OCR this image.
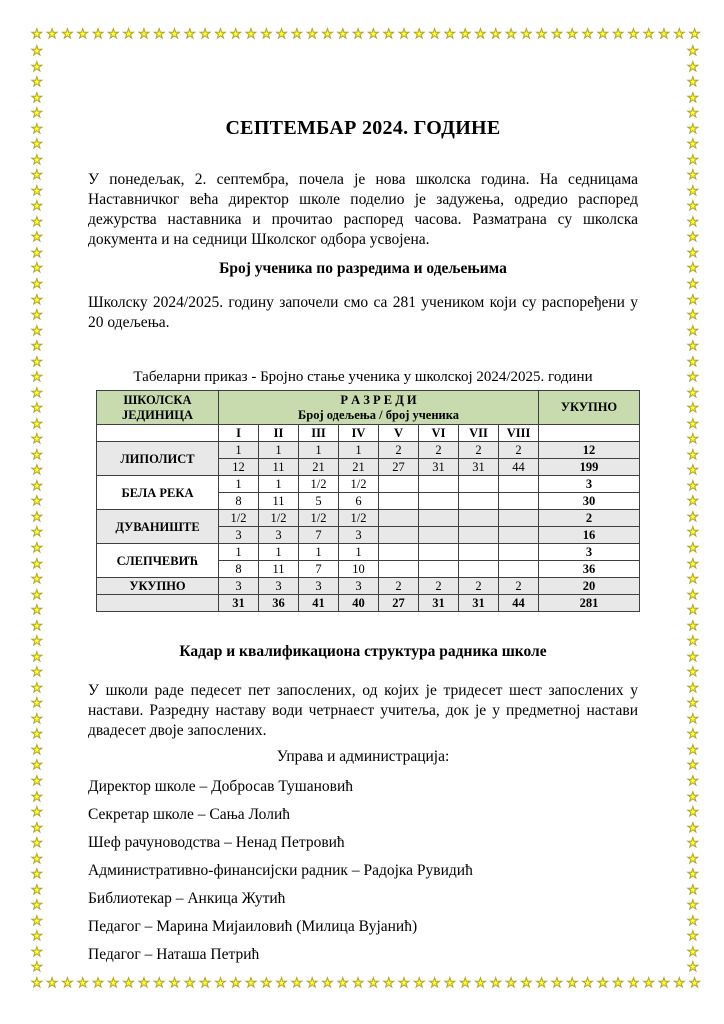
★ ★ ★ ★ ★ ★ ★ ★ ★ ★ ★ ★ ★ ★ ★ ★ ★ ★ ★ ★ ★ ★ ★ ★ ★ ★ ★ ★ ★ ★ ★ ★ ★ ★ ★ ★ ★ ★ ★ ★ ★ ★ ★ ★
★ ★ ★ ★ ★ ★ ★ ★ ★ ★ ★ ★ ★ ★ ★ ★ ★ ★ ★ ★ ★ ★ ★ ★ ★ ★ ★ ★ ★ ★ ★ ★ ★ ★ ★ ★ ★ ★ ★ ★ ★ ★ ★ ★
★
★
★
★
★
★
★
★
★
★
★
★
★
★
★
★
★
★
★
★
★
★
★
★
★
★
★
★
★
★
★
★
★
★
★
★
★
★
★
★
★
★
★
★
★
★
★
★
★
★
★
★
★
★
★
★
★
★
★
★
★
★
★
★
★
★
★
★
★
★
★
★
★
★
★
★
★
★
★
★
★
★
★
★
★
★
★
★
★
★
★
★
★
★
★
★
★
★
★
★
★
★
★
★
★
★
★
★
★
★
★
★
★
★
★
★
★
★
★
★
СЕПТЕМБАР 2024. ГОДИНЕ

У понедељак, 2. септембра, почела је нова школска година. На седницама Наставничког већа директор школе поделио је задужења, одредио распоред дежурства наставника и прочитао распоред часова. Разматрана су школска документа и на седници Школског одбора усвојена.

Број ученика по разредима и одељењима

Школску 2024/2025. годину започели смо са 281 учеником који су распоређени у 20 одељења.

Табеларни приказ - Бројно стање ученика у школској 2024/2025. години
ШКОЛСКА ЈЕДИНИЦА	Р А З Р Е Д И
Број одељења / број ученика								УКУПНО
	I	II	III	IV	V	VI	VII	VIII	
ЛИПОЛИСТ	1	1	1	1	2	2	2	2	12
	12	11	21	21	27	31	31	44	199
БЕЛА РЕКА	1	1	1/2	1/2					3
	8	11	5	6					30
ДУВАНИШТЕ	1/2	1/2	1/2	1/2					2
	3	3	7	3					16
СЛЕПЧЕВИЋ	1	1	1	1					3
	8	11	7	10					36
УКУПНО	3	3	3	3	2	2	2	2	20
	31	36	41	40	27	31	31	44	281
Кадар и квалификациона структура радника школе

У школи раде педесет пет запослених, од којих је тридесет шест запослених у настави. Разредну наставу води четрнаест учитеља, док је у предметној настави двадесет двоје запослених.

Управа и администрација:

Директор школе – Добросав Тушановић

Секретар школе – Сања Лолић

Шеф рачуноводства – Ненад Петровић

Административно-финансијски радник – Радојка Рувидић

Библиотекар – Анкица Жутић

Педагог – Марина Мијаиловић (Милица Вујанић)

Педагог – Наташа Петрић
